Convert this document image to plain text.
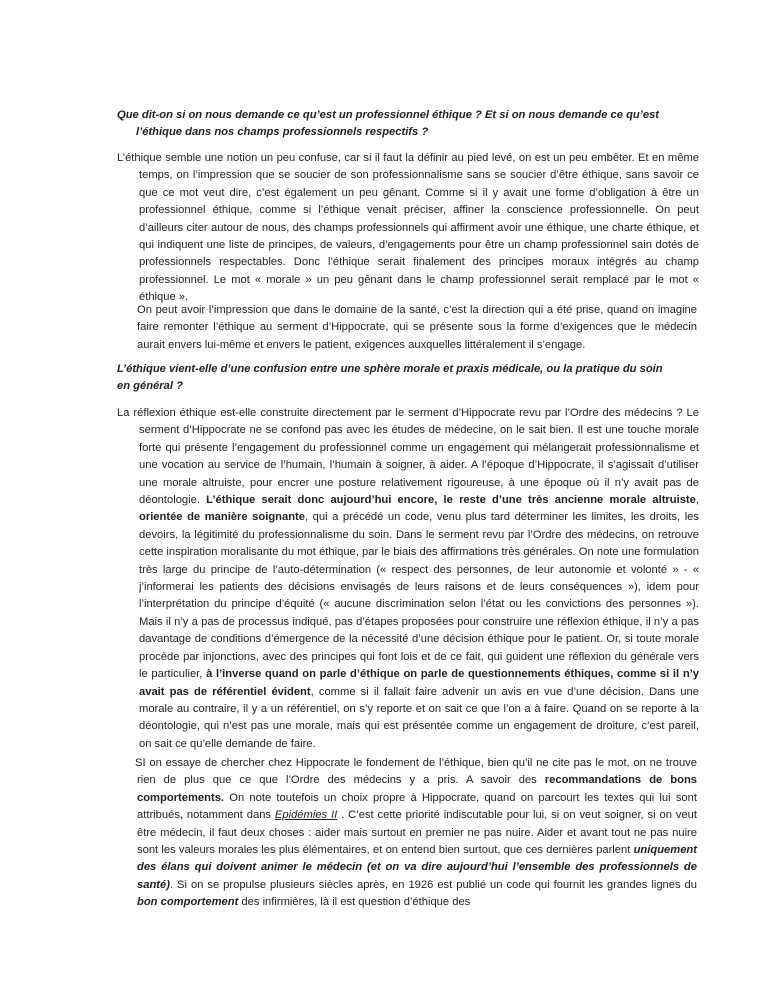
Que dit-on si on nous demande ce qu’est un professionnel éthique ? Et si on nous demande ce qu’est l’éthique dans nos champs professionnels respectifs ?
L’éthique semble une notion un peu confuse, car si il faut la définir au pied levé, on est un peu embêter. Et en même temps, on l’impression que se soucier de son professionnalisme sans se soucier d’être éthique, sans savoir ce que ce mot veut dire, c’est également un peu gênant. Comme si il y avait une forme d’obligation à être un professionnel éthique, comme si l’éthique venait préciser, affiner la conscience professionnelle. On peut d’ailleurs citer autour de nous, des champs professionnels qui affirment avoir une éthique, une charte éthique, et qui indiquent une liste de principes, de valeurs, d’engagements pour être un champ professionnel sain dotés de professionnels respectables. Donc l’éthique serait finalement des principes moraux intégrés au champ professionnel. Le mot « morale » un peu gênant dans le champ professionnel serait remplacé par le mot « éthique ».
On peut avoir l’impression que dans le domaine de la santé, c’est la direction qui a été prise, quand on imagine faire remonter l’éthique au serment d’Hippocrate, qui se présente sous la forme d’exigences que le médecin aurait envers lui-même et envers le patient, exigences auxquelles littéralement il s’engage.
L’éthique vient-elle d’une confusion entre une sphère morale et praxis médicale, ou la pratique du soin en général ?
La réflexion éthique est-elle construite directement par le serment d’Hippocrate revu par l’Ordre des médecins ? Le serment d’Hippocrate ne se confond pas avec les études de médecine, on le sait bien. Il est une touche morale forte qui présente l’engagement du professionnel comme un engagement qui mélangerait professionnalisme et une vocation au service de l’humain, l’humain à soigner, à aider. A l’époque d’Hippocrate, il s’agissait d’utiliser une morale altruiste, pour encrer une posture relativement rigoureuse, à une époque où il n’y avait pas de déontologie. L’éthique serait donc aujourd’hui encore, le reste d’une très ancienne morale altruiste, orientée de manière soignante, qui a précédé un code, venu plus tard déterminer les limites, les droits, les devoirs, la légitimité du professionnalisme du soin. Dans le serment revu par l’Ordre des médecins, on retrouve cette inspiration moralisante du mot éthique, par le biais des affirmations très générales. On note une formulation très large du principe de l’auto-détermination (« respect des personnes, de leur autonomie et volonté » - « j’informerai les patients des décisions envisagés de leurs raisons et de leurs conséquences »), idem pour l’interprétation du principe d’équité (« aucune discrimination selon l’état ou les convictions des personnes »). Mais il n’y a pas de processus indiqué, pas d’étapes proposées pour construire une réflexion éthique, il n’y a pas davantage de conditions d’émergence de la nécessité d’une décision éthique pour le patient. Or, si toute morale procède par injonctions, avec des principes qui font lois et de ce fait, qui guident une réflexion du générale vers le particulier, à l’inverse quand on parle d’éthique on parle de questionnements éthiques, comme si il n’y avait pas de référentiel évident, comme si il fallait faire advenir un avis en vue d’une décision. Dans une morale au contraire, il y a un référentiel, on s’y reporte et on sait ce que l’on a à faire. Quand on se reporte à la déontologie, qui n’est pas une morale, mais qui est présentée comme un engagement de droiture, c’est pareil, on sait ce qu’elle demande de faire.
SI on essaye de chercher chez Hippocrate le fondement de l’éthique, bien qu’il ne cite pas le mot, on ne trouve rien de plus que ce que l’Ordre des médecins y a pris. A savoir des recommandations de bons comportements. On note toutefois un choix propre à Hippocrate, quand on parcourt les textes qui lui sont attribués, notamment dans Epidémies II . C’est cette priorité indiscutable pour lui, si on veut soigner, si on veut être médecin, il faut deux choses : aider mais surtout en premier ne pas nuire. Aider et avant tout ne pas nuire sont les valeurs morales les plus élémentaires, et on entend bien surtout, que ces dernières parlent uniquement des élans qui doivent animer le médecin (et on va dire aujourd’hui l’ensemble des professionnels de santé). Si on se propulse plusieurs siècles après, en 1926 est publié un code qui fournit les grandes lignes du bon comportement des infirmières, là il est question d’éthique des
